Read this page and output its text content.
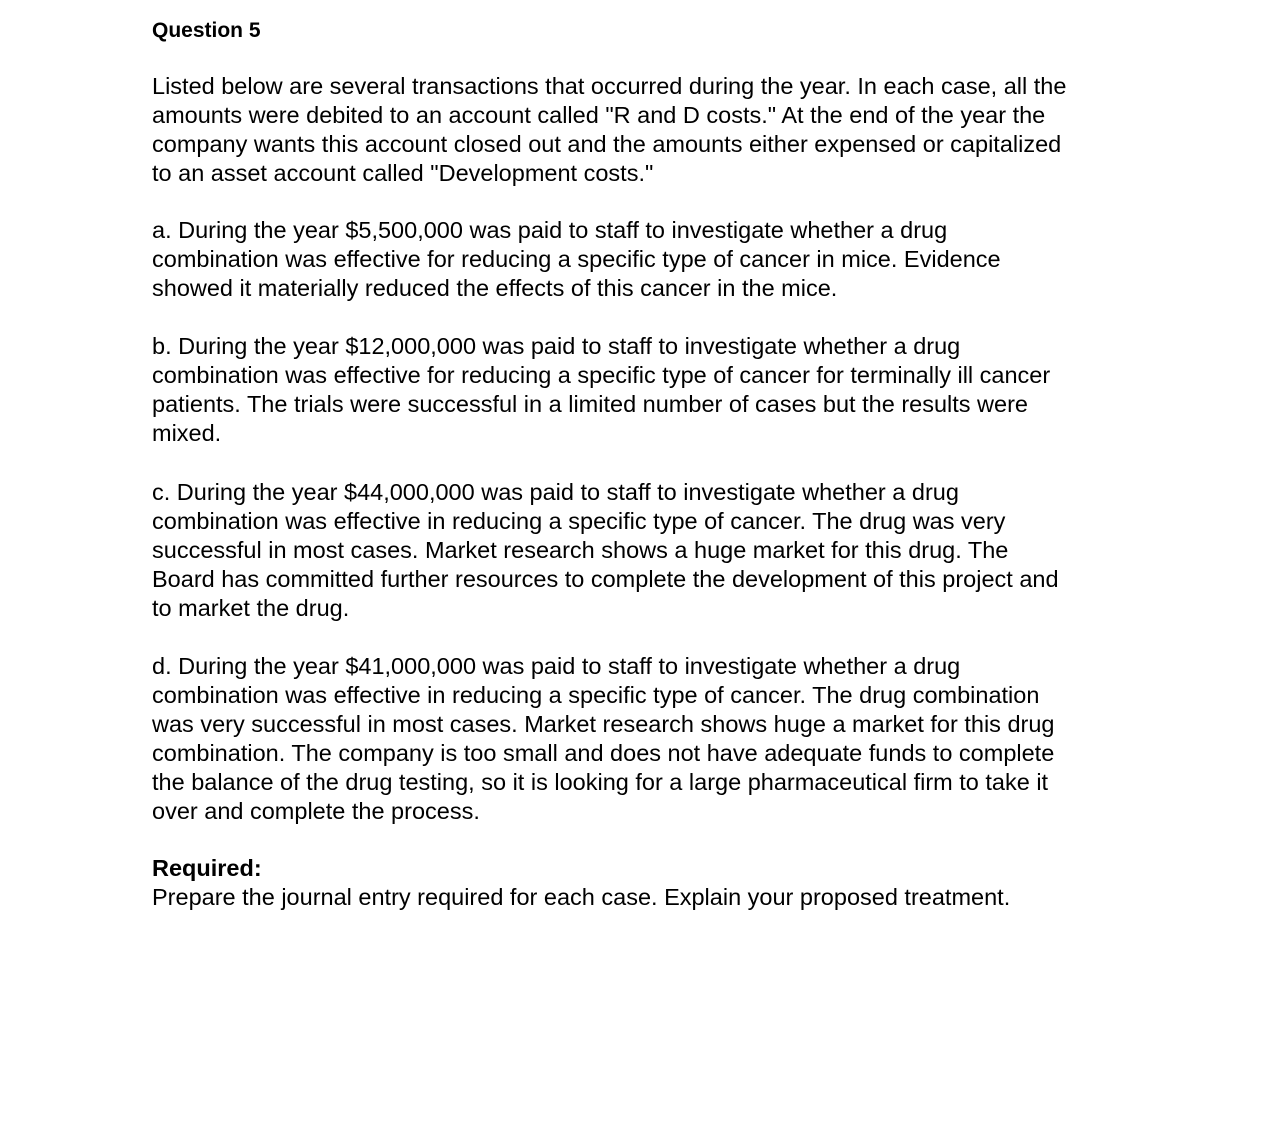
Question 5

Listed below are several transactions that occurred during the year. In each case, all the
amounts were debited to an account called "R and D costs." At the end of the year the
company wants this account closed out and the amounts either expensed or capitalized
to an asset account called "Development costs."

a. During the year $5,500,000 was paid to staff to investigate whether a drug
combination was effective for reducing a specific type of cancer in mice. Evidence
showed it materially reduced the effects of this cancer in the mice.

b. During the year $12,000,000 was paid to staff to investigate whether a drug
combination was effective for reducing a specific type of cancer for terminally ill cancer
patients. The trials were successful in a limited number of cases but the results were
mixed.

c. During the year $44,000,000 was paid to staff to investigate whether a drug
combination was effective in reducing a specific type of cancer. The drug was very
successful in most cases. Market research shows a huge market for this drug. The
Board has committed further resources to complete the development of this project and
to market the drug.

d. During the year $41,000,000 was paid to staff to investigate whether a drug
combination was effective in reducing a specific type of cancer. The drug combination
was very successful in most cases. Market research shows huge a market for this drug
combination. The company is too small and does not have adequate funds to complete
the balance of the drug testing, so it is looking for a large pharmaceutical firm to take it
over and complete the process.

Required:
Prepare the journal entry required for each case. Explain your proposed treatment.
